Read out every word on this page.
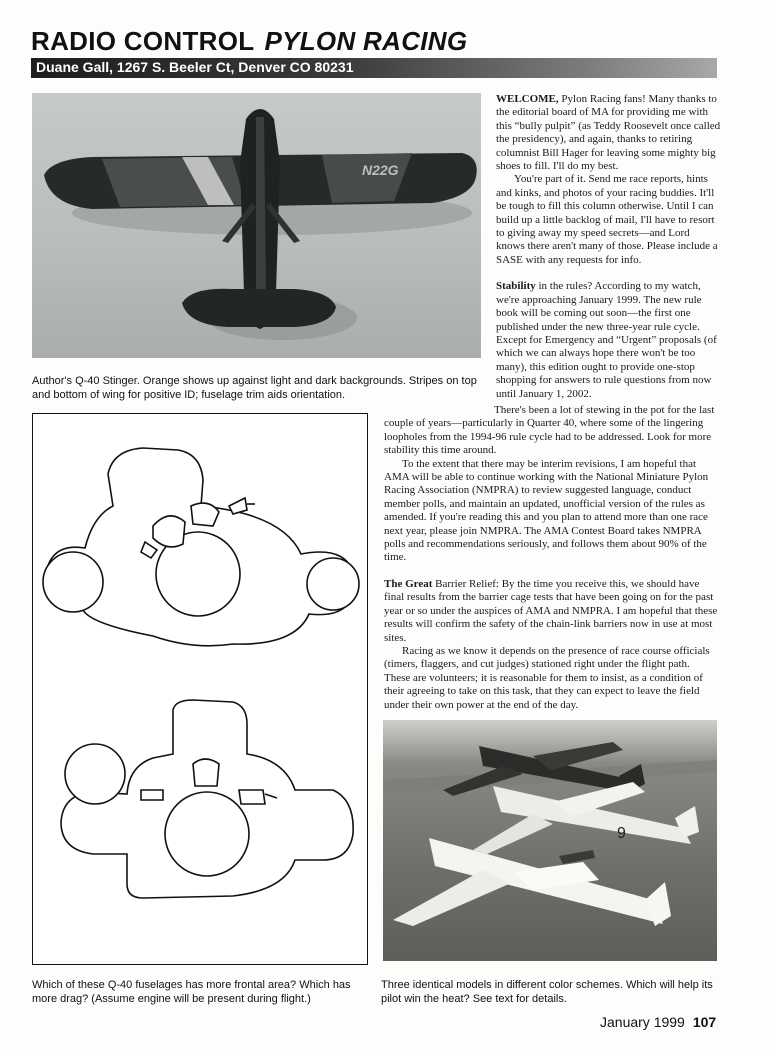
RADIO CONTROL PYLON RACING
Duane Gall, 1267 S. Beeler Ct, Denver CO 80231
N22G

Author's Q-40 Stinger. Orange shows up against light and dark backgrounds. Stripes on top and bottom of wing for positive ID; fuselage trim aids orientation.

WELCOME, Pylon Racing fans! Many thanks to the editorial board of MA for providing me with this “bully pulpit” (as Teddy Roosevelt once called the presidency), and again, thanks to retiring columnist Bill Hager for leaving some mighty big shoes to fill. I'll do my best.

You're part of it. Send me race reports, hints and kinks, and photos of your racing buddies. It'll be tough to fill this column otherwise. Until I can build up a little backlog of mail, I'll have to resort to giving away my speed secrets—and Lord knows there aren't many of those. Please include a SASE with any requests for info.

Stability in the rules? According to my watch, we're approaching January 1999. The new rule book will be coming out soon—the first one published under the new three-year rule cycle. Except for Emergency and “Urgent” proposals (of which we can always hope there won't be too many), this edition ought to provide one-stop shopping for answers to rule questions from now until January 1, 2002.

There's been a lot of stewing in the pot for the last couple of years—particularly in Quarter 40, where some of the lingering loopholes from the 1994-96 rule cycle had to be addressed. Look for more stability this time around.

To the extent that there may be interim revisions, I am hopeful that AMA will be able to continue working with the National Miniature Pylon Racing Association (NMPRA) to review suggested language, conduct member polls, and maintain an updated, unofficial version of the rules as amended. If you're reading this and you plan to attend more than one race next year, please join NMPRA. The AMA Contest Board takes NMPRA polls and recommendations seriously, and follows them about 90% of the time.

The Great Barrier Relief: By the time you receive this, we should have final results from the barrier cage tests that have been going on for the past year or so under the auspices of AMA and NMPRA. I am hopeful that these results will confirm the safety of the chain-link barriers now in use at most sites.

Racing as we know it depends on the presence of race course officials (timers, flaggers, and cut judges) stationed right under the flight path. These are volunteers; it is reasonable for them to insist, as a condition of their agreeing to take on this task, that they can expect to leave the field under their own power at the end of the day.

9

Which of these Q-40 fuselages has more frontal area? Which has more drag? (Assume engine will be present during flight.)

Three identical models in different color schemes. Which will help its pilot win the heat? See text for details.

January 1999 107
